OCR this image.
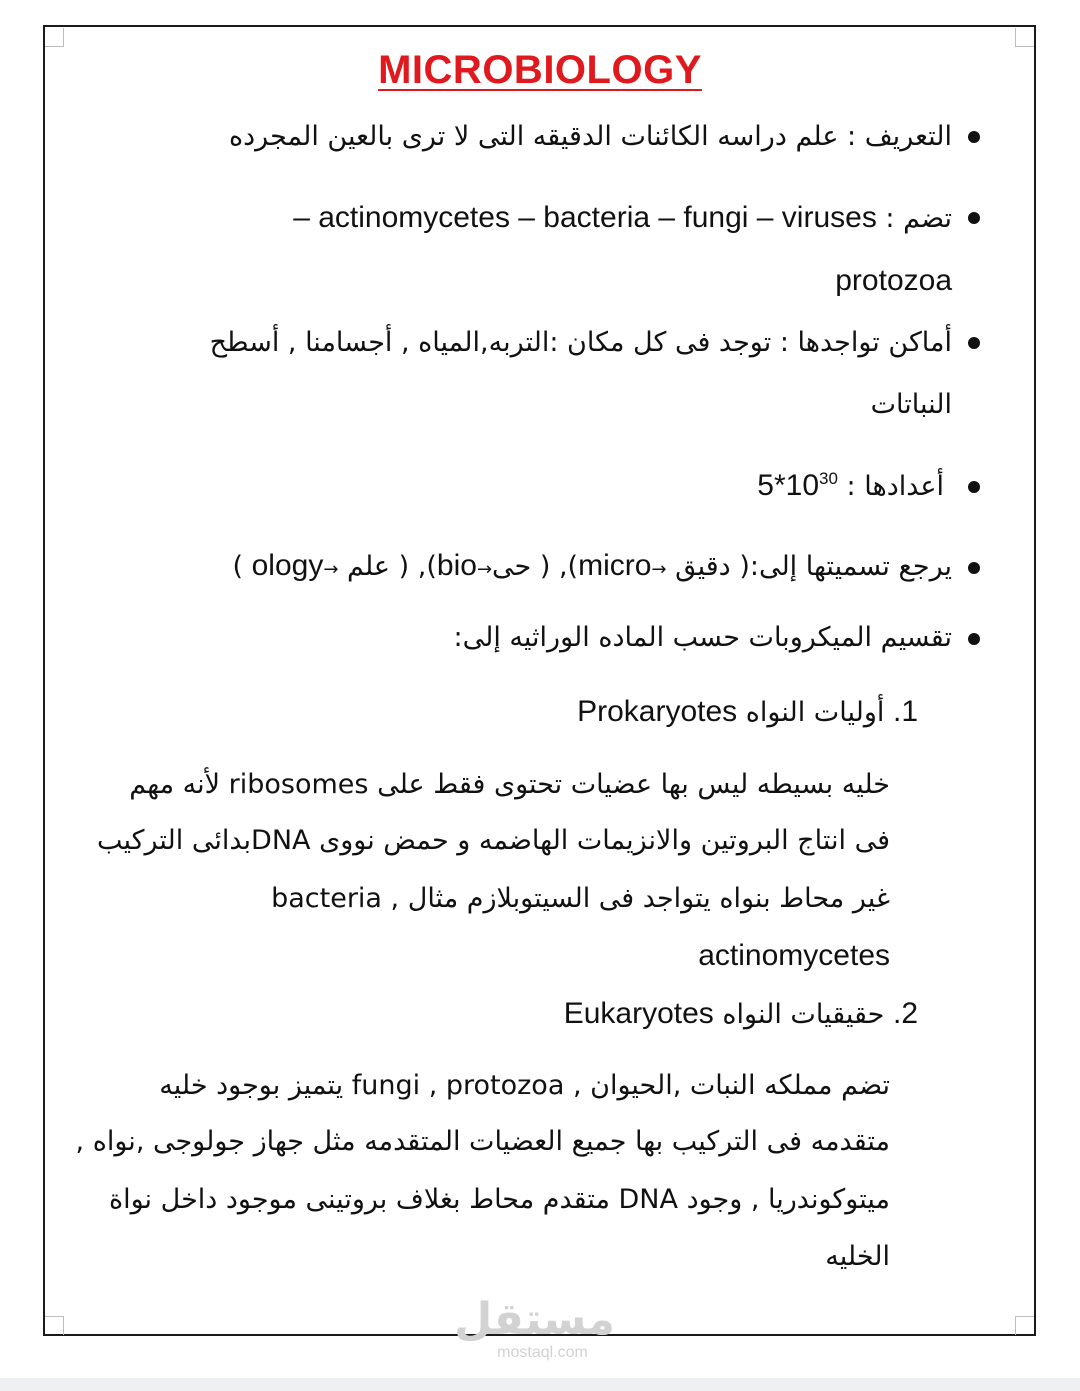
MICROBIOLOGY
التعريف : علم دراسه الكائنات الدقيقه التى لا ترى بالعين المجرده
تضم : – actinomycetes – bacteria – fungi – viruses
protozoa
أماكن تواجدها : توجد فى كل مكان :التربه,المياه , أجسامنا , أسطح
النباتات
أعدادها : $5*10^{30}$
يرجع تسميتها إلى:( دقيق →micro), ( حى→bio), ( علم →ology )
تقسيم الميكروبات حسب الماده الوراثيه إلى:
1. أوليات النواه Prokaryotes
خليه بسيطه ليس بها عضيات تحتوى فقط على ribosomes لأنه مهم
فى انتاج البروتين والانزيمات الهاضمه و حمض نووى DNAبدائى التركيب
غير محاط بنواه يتواجد فى السيتوبلازم مثال , bacteria
actinomycetes
2. حقيقيات النواه Eukaryotes
تضم مملكه النبات ,الحيوان , fungi , protozoa يتميز بوجود خليه
متقدمه فى التركيب بها جميع العضيات المتقدمه مثل جهاز جولوجى ,نواه ,
ميتوكوندريا , وجود DNA متقدم محاط بغلاف بروتينى موجود داخل نواة
الخليه
مستقل
mostaql.com
